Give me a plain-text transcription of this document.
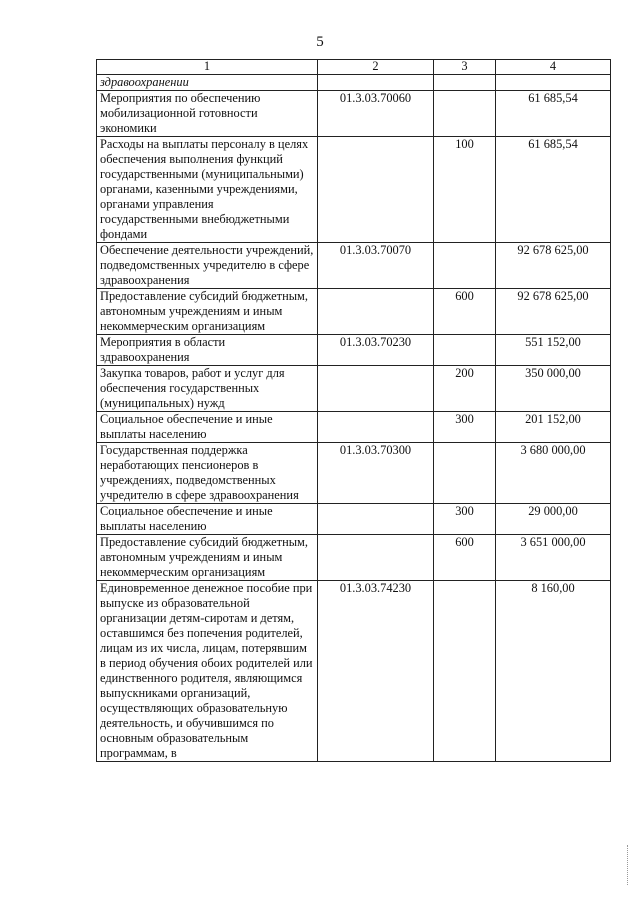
5
1	2	3	4
здравоохранении			
Мероприятия по обеспечению мобилизационной готовности экономики	01.3.03.70060		61 685,54
Расходы на выплаты персоналу в целях обеспечения выполнения функций государственными (муниципальными) органами, казенными учреждениями, органами управления государственными внебюджетными фондами		100	61 685,54
Обеспечение деятельности учреждений, подведомственных учредителю в сфере здравоохранения	01.3.03.70070		92 678 625,00
Предоставление субсидий бюджетным, автономным учреждениям и иным некоммерческим организациям		600	92 678 625,00
Мероприятия в области здравоохранения	01.3.03.70230		551 152,00
Закупка товаров, работ и услуг для обеспечения государственных (муниципальных) нужд		200	350 000,00
Социальное обеспечение и иные выплаты населению		300	201 152,00
Государственная поддержка неработающих пенсионеров в учреждениях, подведомственных учредителю в сфере здравоохранения	01.3.03.70300		3 680 000,00
Социальное обеспечение и иные выплаты населению		300	29 000,00
Предоставление субсидий бюджетным, автономным учреждениям и иным некоммерческим организациям		600	3 651 000,00
Единовременное денежное пособие при выпуске из образовательной организации детям-сиротам и детям, оставшимся без попечения родителей, лицам из их числа, лицам, потерявшим в период обучения обоих родителей или единственного родителя, являющимся выпускниками организаций, осуществляющих образовательную деятельность, и обучившимся по основным образовательным программам, в	01.3.03.74230		8 160,00
